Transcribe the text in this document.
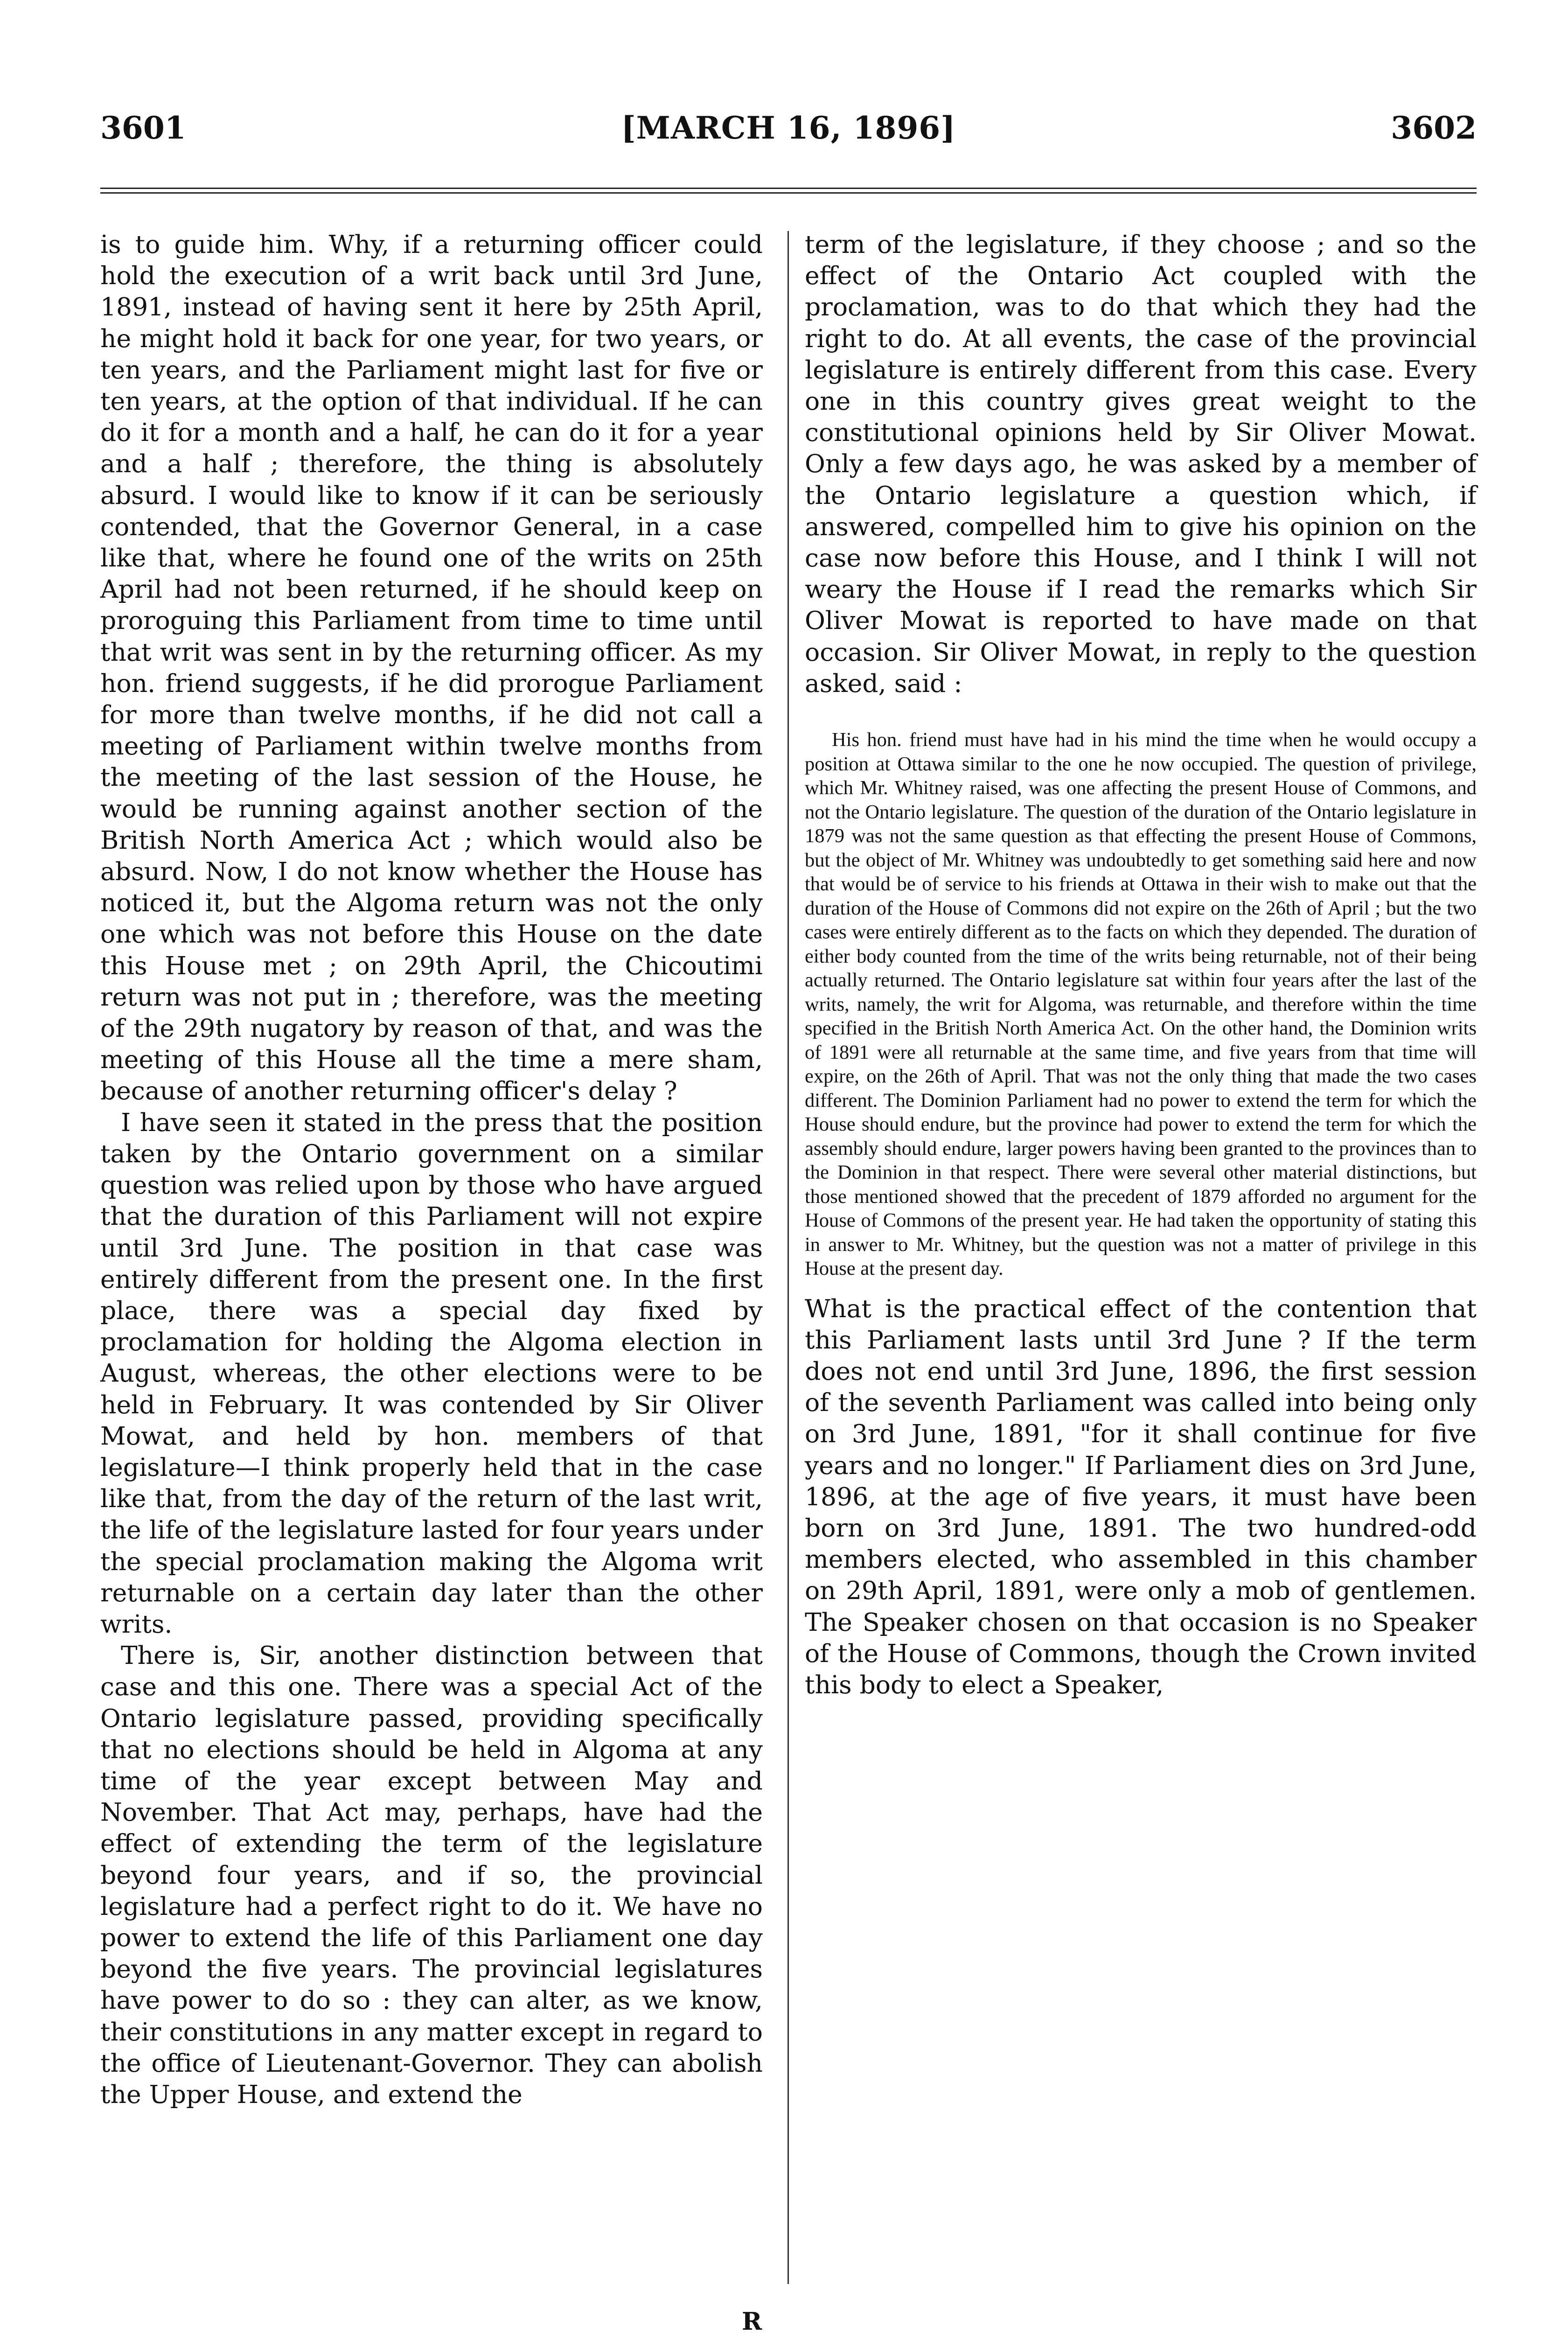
3601	[MARCH 16, 1896]	3602

is to guide him. Why, if a returning officer could hold the execution of a writ back until 3rd June, 1891, instead of having sent it here by 25th April, he might hold it back for one year, for two years, or ten years, and the Parliament might last for five or ten years, at the option of that individual. If he can do it for a month and a half, he can do it for a year and a half ; therefore, the thing is absolutely absurd. I would like to know if it can be seriously contended, that the Governor General, in a case like that, where he found one of the writs on 25th April had not been returned, if he should keep on proroguing this Parliament from time to time until that writ was sent in by the returning officer. As my hon. friend suggests, if he did prorogue Parliament for more than twelve months, if he did not call a meeting of Parliament within twelve months from the meeting of the last session of the House, he would be running against another section of the British North America Act ; which would also be absurd. Now, I do not know whether the House has noticed it, but the Algoma return was not the only one which was not before this House on the date this House met ; on 29th April, the Chicoutimi return was not put in ; therefore, was the meeting of the 29th nugatory by reason of that, and was the meeting of this House all the time a mere sham, because of another returning officer's delay ?

I have seen it stated in the press that the position taken by the Ontario government on a similar question was relied upon by those who have argued that the duration of this Parliament will not expire until 3rd June. The position in that case was entirely different from the present one. In the first place, there was a special day fixed by proclamation for holding the Algoma election in August, whereas, the other elections were to be held in February. It was contended by Sir Oliver Mowat, and held by hon. members of that legislature—I think properly held that in the case like that, from the day of the return of the last writ, the life of the legislature lasted for four years under the special proclamation making the Algoma writ returnable on a certain day later than the other writs.

There is, Sir, another distinction between that case and this one. There was a special Act of the Ontario legislature passed, providing specifically that no elections should be held in Algoma at any time of the year except between May and November. That Act may, perhaps, have had the effect of extending the term of the legislature beyond four years, and if so, the provincial legislature had a perfect right to do it. We have no power to extend the life of this Parliament one day beyond the five years. The provincial legislatures have power to do so : they can alter, as we know, their constitutions in any matter except in regard to the office of Lieutenant-Governor. They can abolish the Upper House, and extend the

term of the legislature, if they choose ; and so the effect of the Ontario Act coupled with the proclamation, was to do that which they had the right to do. At all events, the case of the provincial legislature is entirely different from this case. Every one in this country gives great weight to the constitutional opinions held by Sir Oliver Mowat. Only a few days ago, he was asked by a member of the Ontario legislature a question which, if answered, compelled him to give his opinion on the case now before this House, and I think I will not weary the House if I read the remarks which Sir Oliver Mowat is reported to have made on that occasion. Sir Oliver Mowat, in reply to the question asked, said :

His hon. friend must have had in his mind the time when he would occupy a position at Ottawa similar to the one he now occupied. The question of privilege, which Mr. Whitney raised, was one affecting the present House of Commons, and not the Ontario legislature. The question of the duration of the Ontario legislature in 1879 was not the same question as that effecting the present House of Commons, but the object of Mr. Whitney was undoubtedly to get something said here and now that would be of service to his friends at Ottawa in their wish to make out that the duration of the House of Commons did not expire on the 26th of April ; but the two cases were entirely different as to the facts on which they depended. The duration of either body counted from the time of the writs being returnable, not of their being actually returned. The Ontario legislature sat within four years after the last of the writs, namely, the writ for Algoma, was returnable, and therefore within the time specified in the British North America Act. On the other hand, the Dominion writs of 1891 were all returnable at the same time, and five years from that time will expire, on the 26th of April. That was not the only thing that made the two cases different. The Dominion Parliament had no power to extend the term for which the House should endure, but the province had power to extend the term for which the assembly should endure, larger powers having been granted to the provinces than to the Dominion in that respect. There were several other material distinctions, but those mentioned showed that the precedent of 1879 afforded no argument for the House of Commons of the present year. He had taken the opportunity of stating this in answer to Mr. Whitney, but the question was not a matter of privilege in this House at the present day.

What is the practical effect of the contention that this Parliament lasts until 3rd June ? If the term does not end until 3rd June, 1896, the first session of the seventh Parliament was called into being only on 3rd June, 1891, "for it shall continue for five years and no longer." If Parliament dies on 3rd June, 1896, at the age of five years, it must have been born on 3rd June, 1891. The two hundred-odd members elected, who assembled in this chamber on 29th April, 1891, were only a mob of gentlemen. The Speaker chosen on that occasion is no Speaker of the House of Commons, though the Crown invited this body to elect a Speaker,

R
